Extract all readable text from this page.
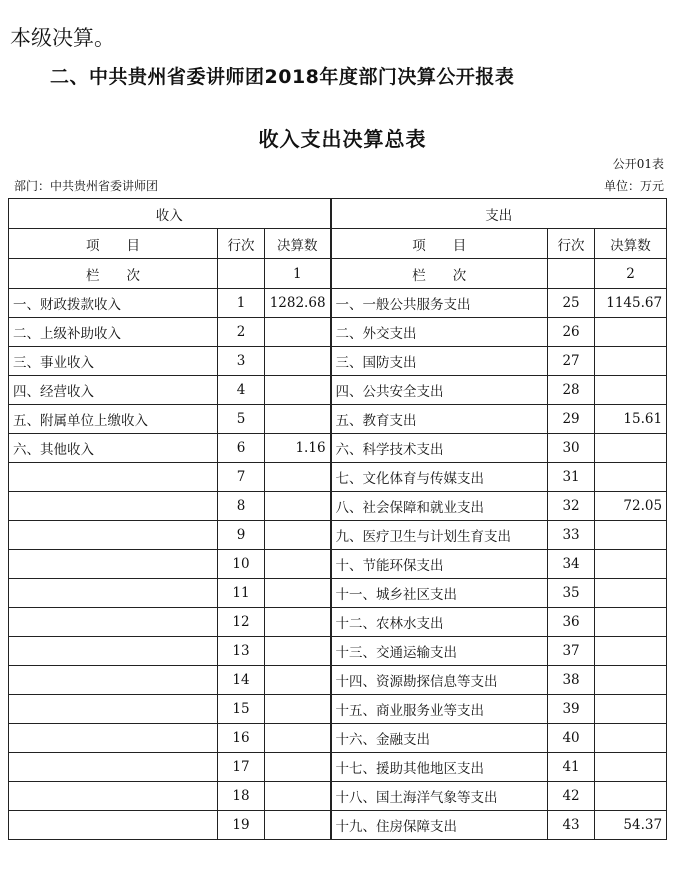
本级决算。
二、中共贵州省委讲师团2018年度部门决算公开报表
收入支出决算总表
公开01表
部门：中共贵州省委讲师团	单位：万元
收入			支出		
项　　目	行次	决算数	项　　目	行次	决算数
栏　　次		1	栏　　次		2
一、财政拨款收入	1	1282.68	一、一般公共服务支出	25	1145.67
二、上级补助收入	2		二、外交支出	26	
三、事业收入	3		三、国防支出	27	
四、经营收入	4		四、公共安全支出	28	
五、附属单位上缴收入	5		五、教育支出	29	15.61
六、其他收入	6	1.16	六、科学技术支出	30	
	7		七、文化体育与传媒支出	31	
	8		八、社会保障和就业支出	32	72.05
	9		九、医疗卫生与计划生育支出	33	
	10		十、节能环保支出	34	
	11		十一、城乡社区支出	35	
	12		十二、农林水支出	36	
	13		十三、交通运输支出	37	
	14		十四、资源勘探信息等支出	38	
	15		十五、商业服务业等支出	39	
	16		十六、金融支出	40	
	17		十七、援助其他地区支出	41	
	18		十八、国土海洋气象等支出	42	
	19		十九、住房保障支出	43	54.37
